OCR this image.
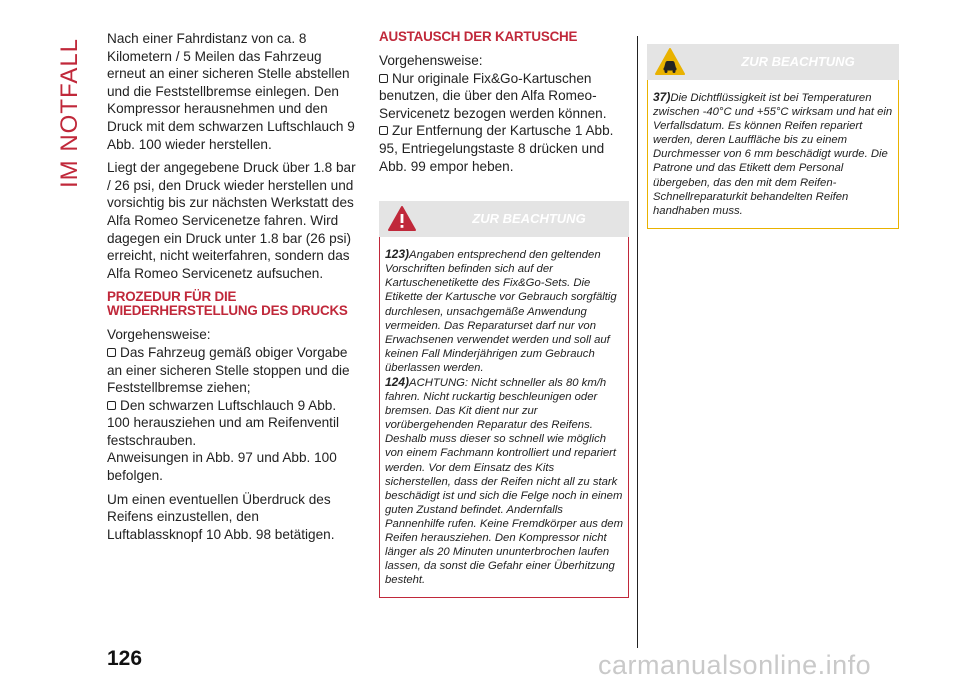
IM NOTFALL Nach einer Fahrdistanz von ca. 8 Kilometern / 5 Meilen das Fahrzeug erneut an einer sicheren Stelle abstellen und die Feststellbremse einlegen. Den Kompressor herausnehmen und den Druck mit dem schwarzen Luftschlauch 9 Abb. 100 wieder herstellen.

Liegt der angegebene Druck über 1.8 bar / 26 psi, den Druck wieder herstellen und vorsichtig bis zur nächsten Werkstatt des Alfa Romeo Servicenetze fahren. Wird dagegen ein Druck unter 1.8 bar (26 psi) erreicht, nicht weiterfahren, sondern das Alfa Romeo Servicenetz aufsuchen.

PROZEDUR FÜR DIE WIEDERHERSTELLUNG DES DRUCKS

Vorgehensweise:

Das Fahrzeug gemäß obiger Vorgabe an einer sicheren Stelle stoppen und die Feststellbremse ziehen;

Den schwarzen Luftschlauch 9 Abb. 100 herausziehen und am Reifenventil festschrauben.
Anweisungen in Abb. 97 und Abb. 100 befolgen.

Um einen eventuellen Überdruck des Reifens einzustellen, den Luftablassknopf 10 Abb. 98 betätigen.

AUSTAUSCH DER KARTUSCHE

Vorgehensweise:

Nur originale Fix&Go-Kartuschen benutzen, die über den Alfa Romeo-Servicenetz bezogen werden können.

Zur Entfernung der Kartusche 1 Abb. 95, Entriegelungstaste 8 drücken und Abb. 99 empor heben.

ZUR BEACHTUNG
123)Angaben entsprechend den geltenden Vorschriften befinden sich auf der Kartuschenetikette des Fix&Go-Sets. Die Etikette der Kartusche vor Gebrauch sorgfältig durchlesen, unsachgemäße Anwendung vermeiden. Das Reparaturset darf nur von Erwachsenen verwendet werden und soll auf keinen Fall Minderjährigen zum Gebrauch überlassen werden.
124)ACHTUNG: Nicht schneller als 80 km/h fahren. Nicht ruckartig beschleunigen oder bremsen. Das Kit dient nur zur vorübergehenden Reparatur des Reifens. Deshalb muss dieser so schnell wie möglich von einem Fachmann kontrolliert und repariert werden. Vor dem Einsatz des Kits sicherstellen, dass der Reifen nicht all zu stark beschädigt ist und sich die Felge noch in einem guten Zustand befindet. Andernfalls Pannenhilfe rufen. Keine Fremdkörper aus dem Reifen herausziehen. Den Kompressor nicht länger als 20 Minuten ununterbrochen laufen lassen, da sonst die Gefahr einer Überhitzung besteht.
ZUR BEACHTUNG
37)Die Dichtflüssigkeit ist bei Temperaturen zwischen -40°C und +55°C wirksam und hat ein Verfallsdatum. Es können Reifen repariert werden, deren Lauffläche bis zu einem Durchmesser von 6 mm beschädigt wurde. Die Patrone und das Etikett dem Personal übergeben, das den mit dem Reifen-Schnellreparaturkit behandelten Reifen handhaben muss.
126	carmanualsonline.info
